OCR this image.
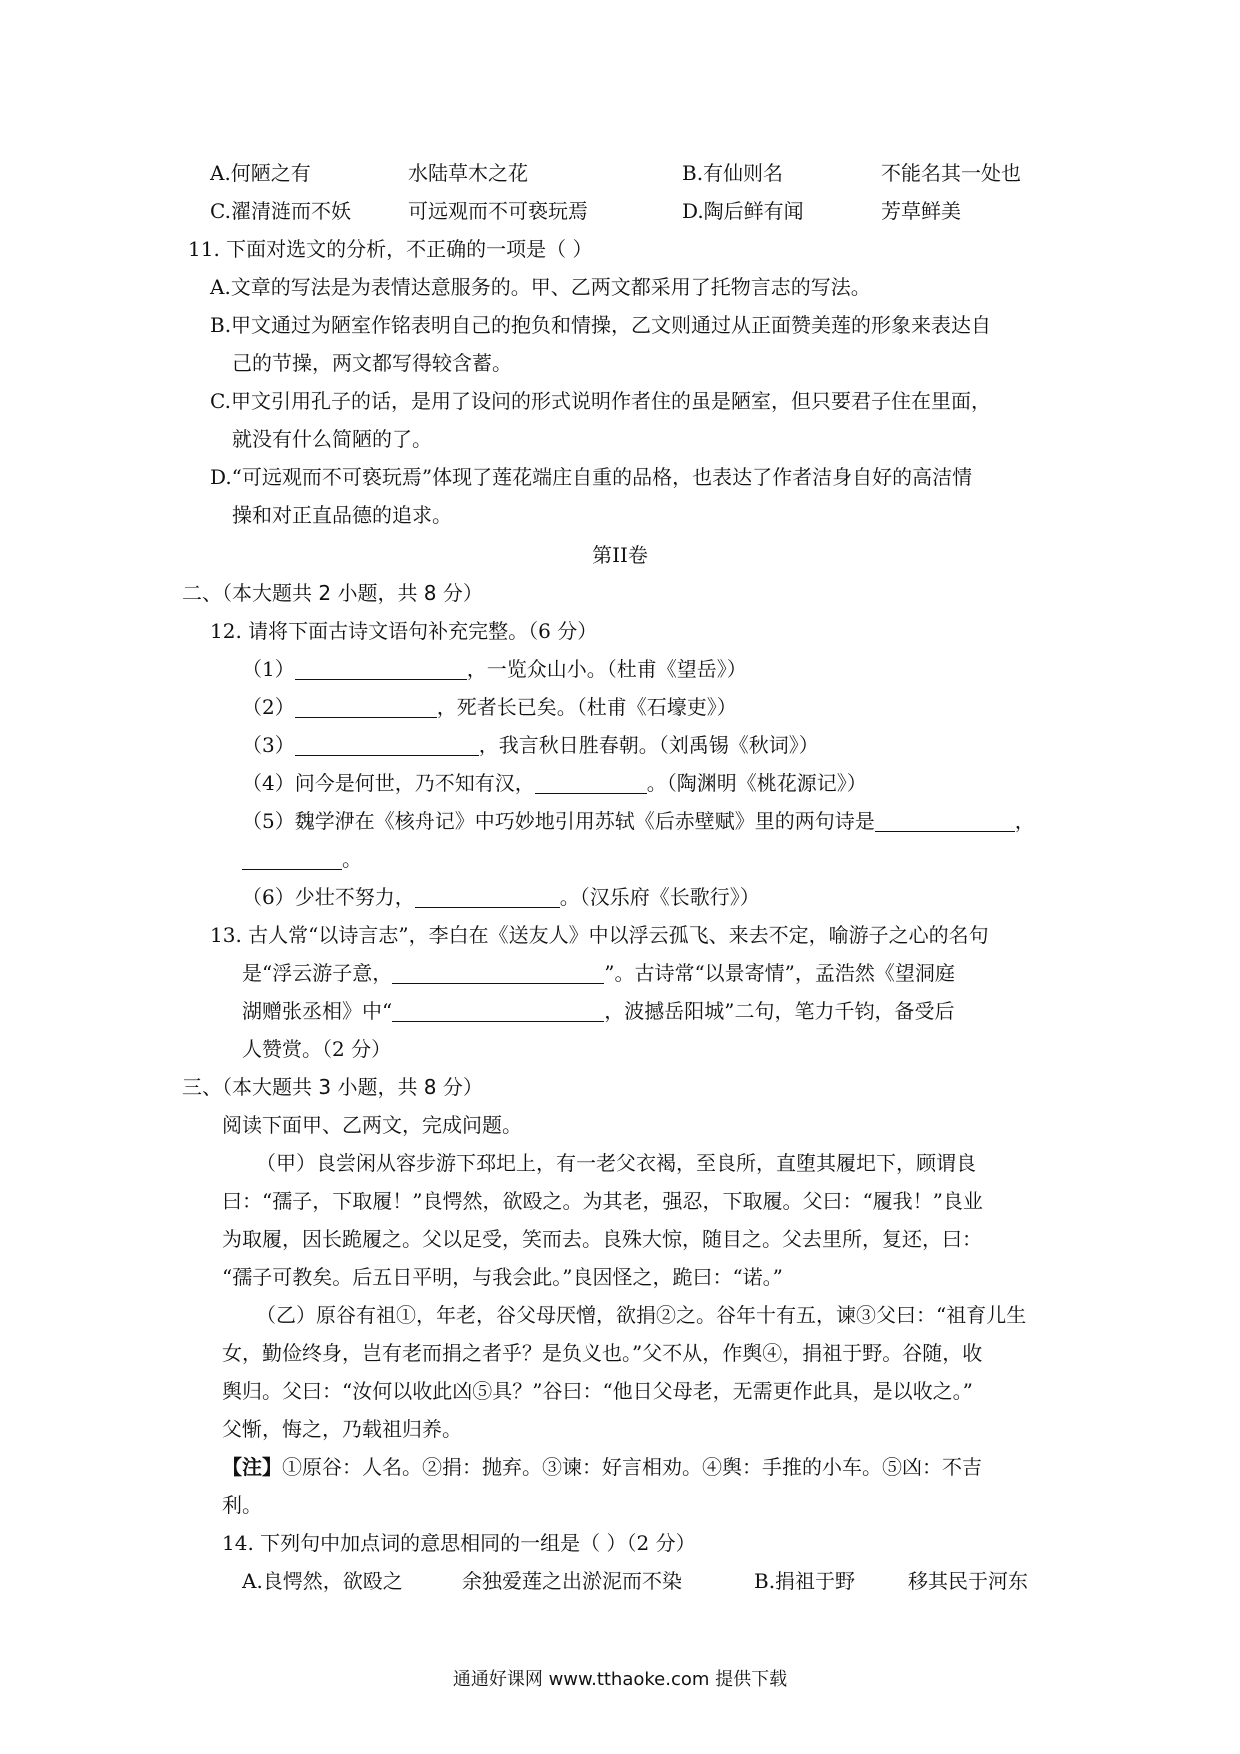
A.何陋之有	水陆草木之花	B.有仙则名	不能名其一处也
C.濯清涟而不妖	可远观而不可亵玩焉	D.陶后鲜有闻	芳草鲜美
11. 下面对选文的分析，不正确的一项是（ ）
A.文章的写法是为表情达意服务的。甲、乙两文都采用了托物言志的写法。
B.甲文通过为陋室作铭表明自己的抱负和情操，乙文则通过从正面赞美莲的形象来表达自
己的节操，两文都写得较含蓄。
C.甲文引用孔子的话，是用了设问的形式说明作者住的虽是陋室，但只要君子住在里面，
就没有什么简陋的了。
D.“可远观而不可亵玩焉”体现了莲花端庄自重的品格，也表达了作者洁身自好的高洁情
操和对正直品德的追求。
第II卷
二、（本大题共 2 小题，共 8 分）
12. 请将下面古诗文语句补充完整。（6 分）
（1）	，一览众山小。（杜甫《望岳》）
（2）	，死者长已矣。（杜甫《石壕吏》）
（3）	，我言秋日胜春朝。（刘禹锡《秋词》）
（4）问今是何世，乃不知有汉，	。（陶渊明《桃花源记》）
（5）魏学洢在《核舟记》中巧妙地引用苏轼《后赤壁赋》里的两句诗是	，
。
（6）少壮不努力，	。（汉乐府《长歌行》）
13. 古人常“以诗言志”，李白在《送友人》中以浮云孤飞、来去不定，喻游子之心的名句
是“浮云游子意，	”。古诗常“以景寄情”，孟浩然《望洞庭
湖赠张丞相》中“	，波撼岳阳城”二句，笔力千钧，备受后
人赞赏。（2 分）
三、（本大题共 3 小题，共 8 分）
阅读下面甲、乙两文，完成问题。
（甲）良尝闲从容步游下邳圯上，有一老父衣褐，至良所，直堕其履圯下，顾谓良
曰：“孺子，下取履！”良愕然，欲殴之。为其老，强忍，下取履。父曰：“履我！”良业
为取履，因长跪履之。父以足受，笑而去。良殊大惊，随目之。父去里所，复还，曰：
“孺子可教矣。后五日平明，与我会此。”良因怪之，跪曰：“诺。”
（乙）原谷有祖①，年老，谷父母厌憎，欲捐②之。谷年十有五，谏③父曰：“祖育儿生
女，勤俭终身，岂有老而捐之者乎？是负义也。”父不从，作舆④，捐祖于野。谷随，收
舆归。父曰：“汝何以收此凶⑤具？”谷曰：“他日父母老，无需更作此具，是以收之。”
父惭，悔之，乃载祖归养。
【注】①原谷：人名。②捐：抛弃。③谏：好言相劝。④舆：手推的小车。⑤凶：不吉
利。
14. 下列句中加点词的意思相同的一组是（ ）（2 分）
A.良愕然，欲殴之	余独爱莲之出淤泥而不染	B.捐祖于野	移其民于河东
通通好课网 www.tthaoke.com 提供下载
